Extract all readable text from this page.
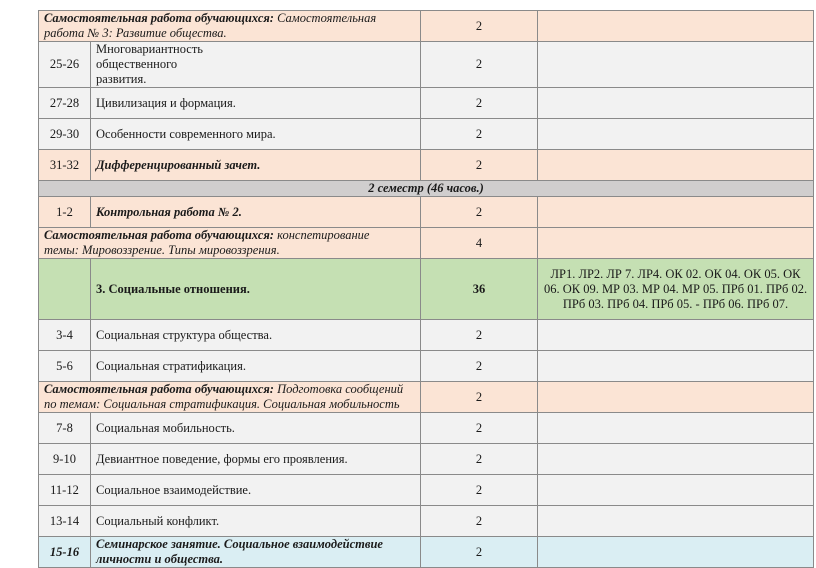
Самостоятельная работа обучающихся: Самостоятельная работа № 3: Развитие общества.		2	
25-26	Многовариантность общественного развития.	2	
27-28	Цивилизация и формация.	2	
29-30	Особенности современного мира.	2	
31-32	Дифференцированный зачет.	2	
2 семестр (46 часов.)			
1-2	Контрольная работа № 2.	2	
Самостоятельная работа обучающихся: конспетирование темы: Мировоззрение. Типы мировоззрения.		4	
	3. Социальные отношения.	36	ЛР1. ЛР2. ЛР 7. ЛР4. ОК 02. ОК 04. ОК 05. ОК 06. ОК 09. МР 03. МР 04. МР 05. ПРб 01. ПРб 02. ПРб 03. ПРб 04. ПРб 05. - ПРб 06. ПРб 07.
3-4	Социальная структура общества.	2	
5-6	Социальная стратификация.	2	
Самостоятельная работа обучающихся: Подготовка сообщений по темам: Социальная стратификация. Социальная мобильность		2	
7-8	Социальная мобильность.	2	
9-10	Девиантное поведение, формы его проявления.	2	
11-12	Социальное взаимодействие.	2	
13-14	Социальный конфликт.	2	
15-16	Семинарское занятие. Социальное взаимодействие личности и общества.	2	
